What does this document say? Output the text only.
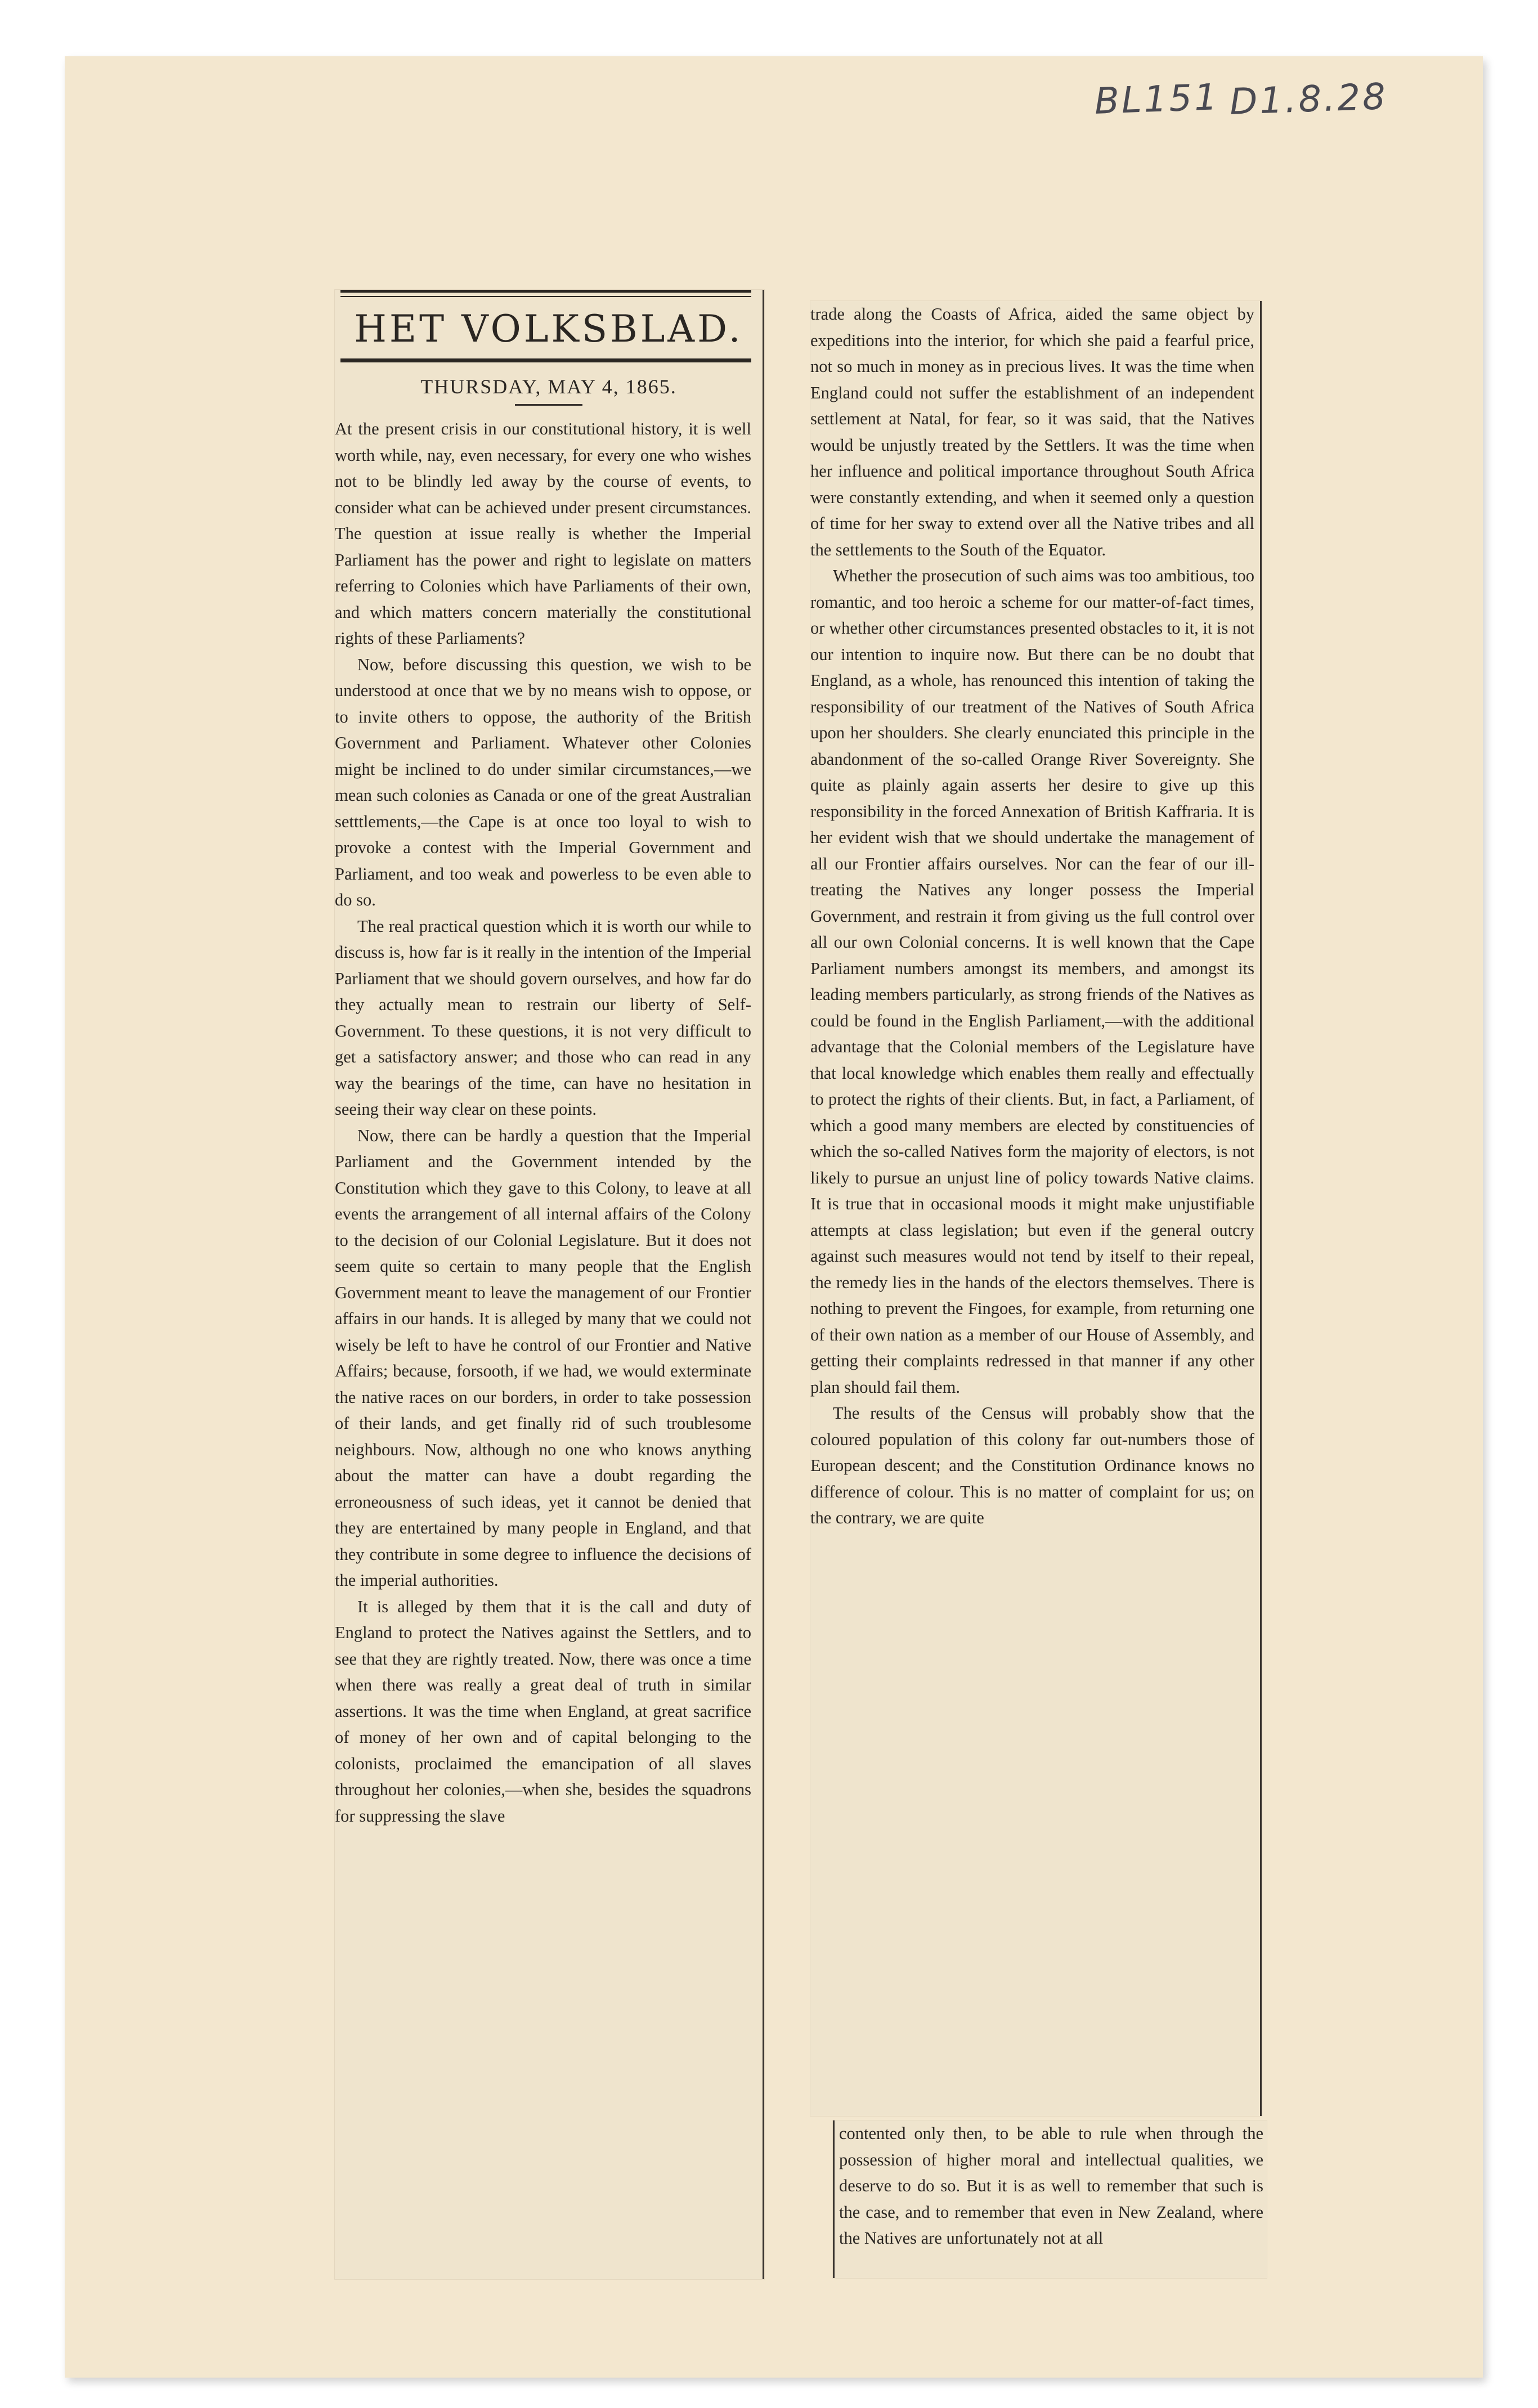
BL151 D1.8.28
HET VOLKSBLAD.
THURSDAY, MAY 4, 1865.

At the present crisis in our constitutional history, it is well worth while, nay, even necessary, for every one who wishes not to be blindly led away by the course of events, to consider what can be achieved under present circumstances. The question at issue really is whether the Imperial Parliament has the power and right to legislate on matters referring to Colonies which have Parliaments of their own, and which matters concern materially the constitutional rights of these Parliaments?

Now, before discussing this question, we wish to be understood at once that we by no means wish to oppose, or to invite others to oppose, the authority of the British Government and Parliament. Whatever other Colonies might be inclined to do under similar circumstances,—we mean such colonies as Canada or one of the great Australian setttlements,—the Cape is at once too loyal to wish to provoke a contest with the Imperial Government and Parliament, and too weak and powerless to be even able to do so.

The real practical question which it is worth our while to discuss is, how far is it really in the intention of the Imperial Parliament that we should govern ourselves, and how far do they actually mean to restrain our liberty of Self-Government. To these questions, it is not very difficult to get a satisfactory answer; and those who can read in any way the bearings of the time, can have no hesitation in seeing their way clear on these points.

Now, there can be hardly a question that the Imperial Parliament and the Government intended by the Constitution which they gave to this Colony, to leave at all events the arrangement of all internal affairs of the Colony to the decision of our Colonial Legislature. But it does not seem quite so certain to many people that the English Government meant to leave the management of our Frontier affairs in our hands. It is alleged by many that we could not wisely be left to have he control of our Frontier and Native Affairs; because, forsooth, if we had, we would exterminate the native races on our borders, in order to take possession of their lands, and get finally rid of such troublesome neighbours. Now, although no one who knows anything about the matter can have a doubt regarding the erroneousness of such ideas, yet it cannot be denied that they are entertained by many people in England, and that they contribute in some degree to influence the decisions of the imperial authorities.

It is alleged by them that it is the call and duty of England to protect the Natives against the Settlers, and to see that they are rightly treated. Now, there was once a time when there was really a great deal of truth in similar assertions. It was the time when England, at great sacrifice of money of her own and of capital belonging to the colonists, proclaimed the emancipation of all slaves throughout her colonies,—when she, besides the squadrons for suppressing the slave

trade along the Coasts of Africa, aided the same object by expeditions into the interior, for which she paid a fearful price, not so much in money as in precious lives. It was the time when England could not suffer the establishment of an independent settlement at Natal, for fear, so it was said, that the Natives would be unjustly treated by the Settlers. It was the time when her influence and political importance throughout South Africa were constantly extending, and when it seemed only a question of time for her sway to extend over all the Native tribes and all the settlements to the South of the Equator.

Whether the prosecution of such aims was too ambitious, too romantic, and too heroic a scheme for our matter-of-fact times, or whether other circumstances presented obstacles to it, it is not our intention to inquire now. But there can be no doubt that England, as a whole, has renounced this intention of taking the responsibility of our treatment of the Natives of South Africa upon her shoulders. She clearly enunciated this principle in the abandonment of the so-called Orange River Sovereignty. She quite as plainly again asserts her desire to give up this responsibility in the forced Annexation of British Kaffraria. It is her evident wish that we should undertake the management of all our Frontier affairs ourselves. Nor can the fear of our ill-treating the Natives any longer possess the Imperial Government, and restrain it from giving us the full control over all our own Colonial concerns. It is well known that the Cape Parliament numbers amongst its members, and amongst its leading members particularly, as strong friends of the Natives as could be found in the English Parliament,—with the additional advantage that the Colonial members of the Legislature have that local knowledge which enables them really and effectually to protect the rights of their clients. But, in fact, a Parliament, of which a good many members are elected by constituencies of which the so-called Natives form the majority of electors, is not likely to pursue an unjust line of policy towards Native claims. It is true that in occasional moods it might make unjustifiable attempts at class legislation; but even if the general outcry against such measures would not tend by itself to their repeal, the remedy lies in the hands of the electors themselves. There is nothing to prevent the Fingoes, for example, from returning one of their own nation as a member of our House of Assembly, and getting their complaints redressed in that manner if any other plan should fail them.

The results of the Census will probably show that the coloured population of this colony far out-numbers those of European descent; and the Constitution Ordinance knows no difference of colour. This is no matter of complaint for us; on the contrary, we are quite

contented only then, to be able to rule when through the possession of higher moral and intellectual qualities, we deserve to do so. But it is as well to remember that such is the case, and to remember that even in New Zealand, where the Natives are unfortunately not at all
